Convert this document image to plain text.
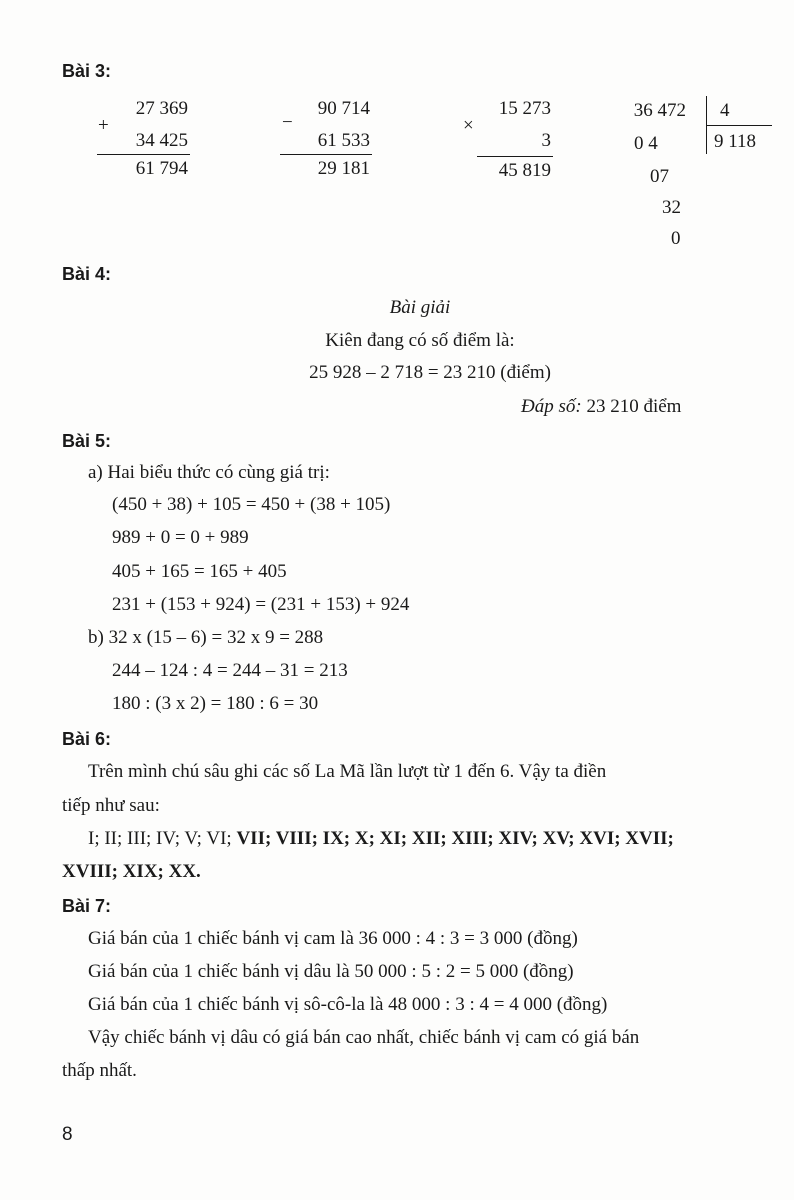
Bài 3:
+
27 369
34 425
61 794
−
90 714
61 533
29 181
×
15 273
3
45 819
36 472 4
9 118
0 4
07
32
0
Bài 4:
Bài giải
Kiên đang có số điểm là:
25 928 – 2 718 = 23 210 (điểm)
Đáp số: 23 210 điểm
Bài 5:
a) Hai biểu thức có cùng giá trị:
(450 + 38) + 105 = 450 + (38 + 105)
989 + 0 = 0 + 989
405 + 165 = 165 + 405
231 + (153 + 924) = (231 + 153) + 924
b) 32 x (15 – 6) = 32 x 9 = 288
244 – 124 : 4 = 244 – 31 = 213
180 : (3 x 2) = 180 : 6 = 30
Bài 6:
Trên mình chú sâu ghi các số La Mã lần lượt từ 1 đến 6. Vậy ta điền
tiếp như sau:
I; II; III; IV; V; VI; VII; VIII; IX; X; XI; XII; XIII; XIV; XV; XVI; XVII;
XVIII; XIX; XX.
Bài 7:
Giá bán của 1 chiếc bánh vị cam là 36 000 : 4 : 3 = 3 000 (đồng)
Giá bán của 1 chiếc bánh vị dâu là 50 000 : 5 : 2 = 5 000 (đồng)
Giá bán của 1 chiếc bánh vị sô-cô-la là 48 000 : 3 : 4 = 4 000 (đồng)
Vậy chiếc bánh vị dâu có giá bán cao nhất, chiếc bánh vị cam có giá bán
thấp nhất.
8
